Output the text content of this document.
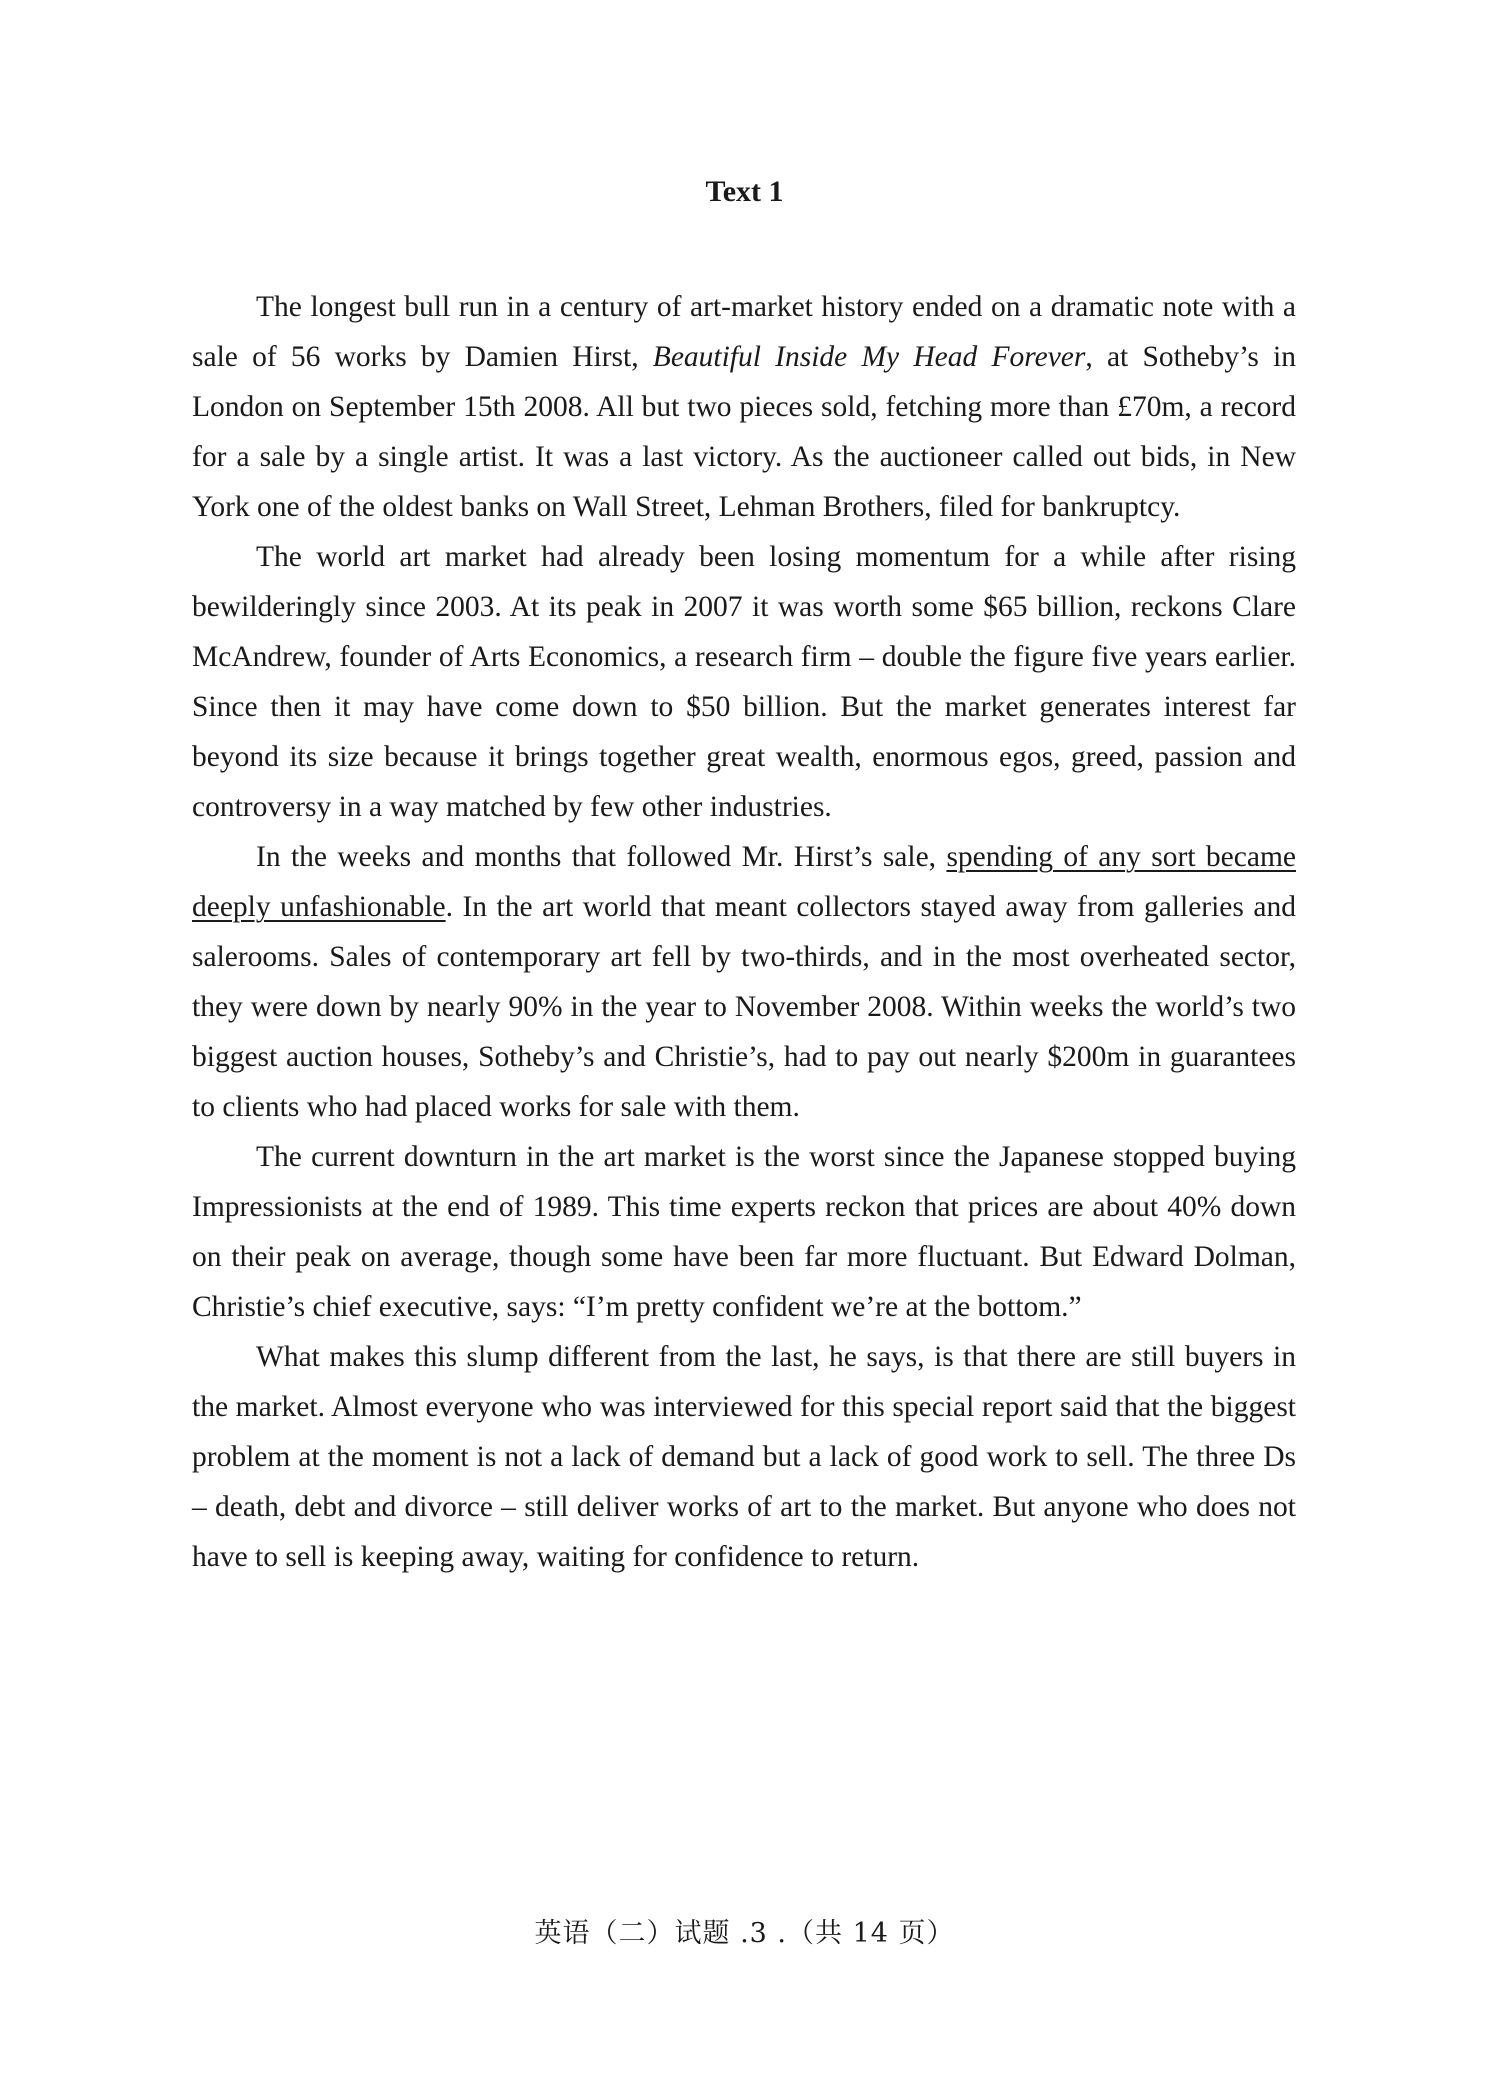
Text 1

The longest bull run in a century of art-market history ended on a dramatic note with a sale of 56 works by Damien Hirst, Beautiful Inside My Head Forever, at Sotheby’s in London on September 15th 2008. All but two pieces sold, fetching more than £70m, a record for a sale by a single artist. It was a last victory. As the auctioneer called out bids, in New York one of the oldest banks on Wall Street, Lehman Brothers, filed for bankruptcy.

The world art market had already been losing momentum for a while after rising bewilderingly since 2003. At its peak in 2007 it was worth some $65 billion, reckons Clare McAndrew, founder of Arts Economics, a research firm – double the figure five years earlier. Since then it may have come down to $50 billion. But the market generates interest far beyond its size because it brings together great wealth, enormous egos, greed, passion and controversy in a way matched by few other industries.

In the weeks and months that followed Mr. Hirst’s sale, spending of any sort became deeply unfashionable. In the art world that meant collectors stayed away from galleries and salerooms. Sales of contemporary art fell by two-thirds, and in the most overheated sector, they were down by nearly 90% in the year to November 2008. Within weeks the world’s two biggest auction houses, Sotheby’s and Christie’s, had to pay out nearly $200m in guarantees to clients who had placed works for sale with them.

The current downturn in the art market is the worst since the Japanese stopped buying Impressionists at the end of 1989. This time experts reckon that prices are about 40% down on their peak on average, though some have been far more fluctuant. But Edward Dolman, Christie’s chief executive, says: “I’m pretty confident we’re at the bottom.”

What makes this slump different from the last, he says, is that there are still buyers in the market. Almost everyone who was interviewed for this special report said that the biggest problem at the moment is not a lack of demand but a lack of good work to sell. The three Ds – death, debt and divorce – still deliver works of art to the market. But anyone who does not have to sell is keeping away, waiting for confidence to return.

英语（二）试题 .3 .（共 14 页）
